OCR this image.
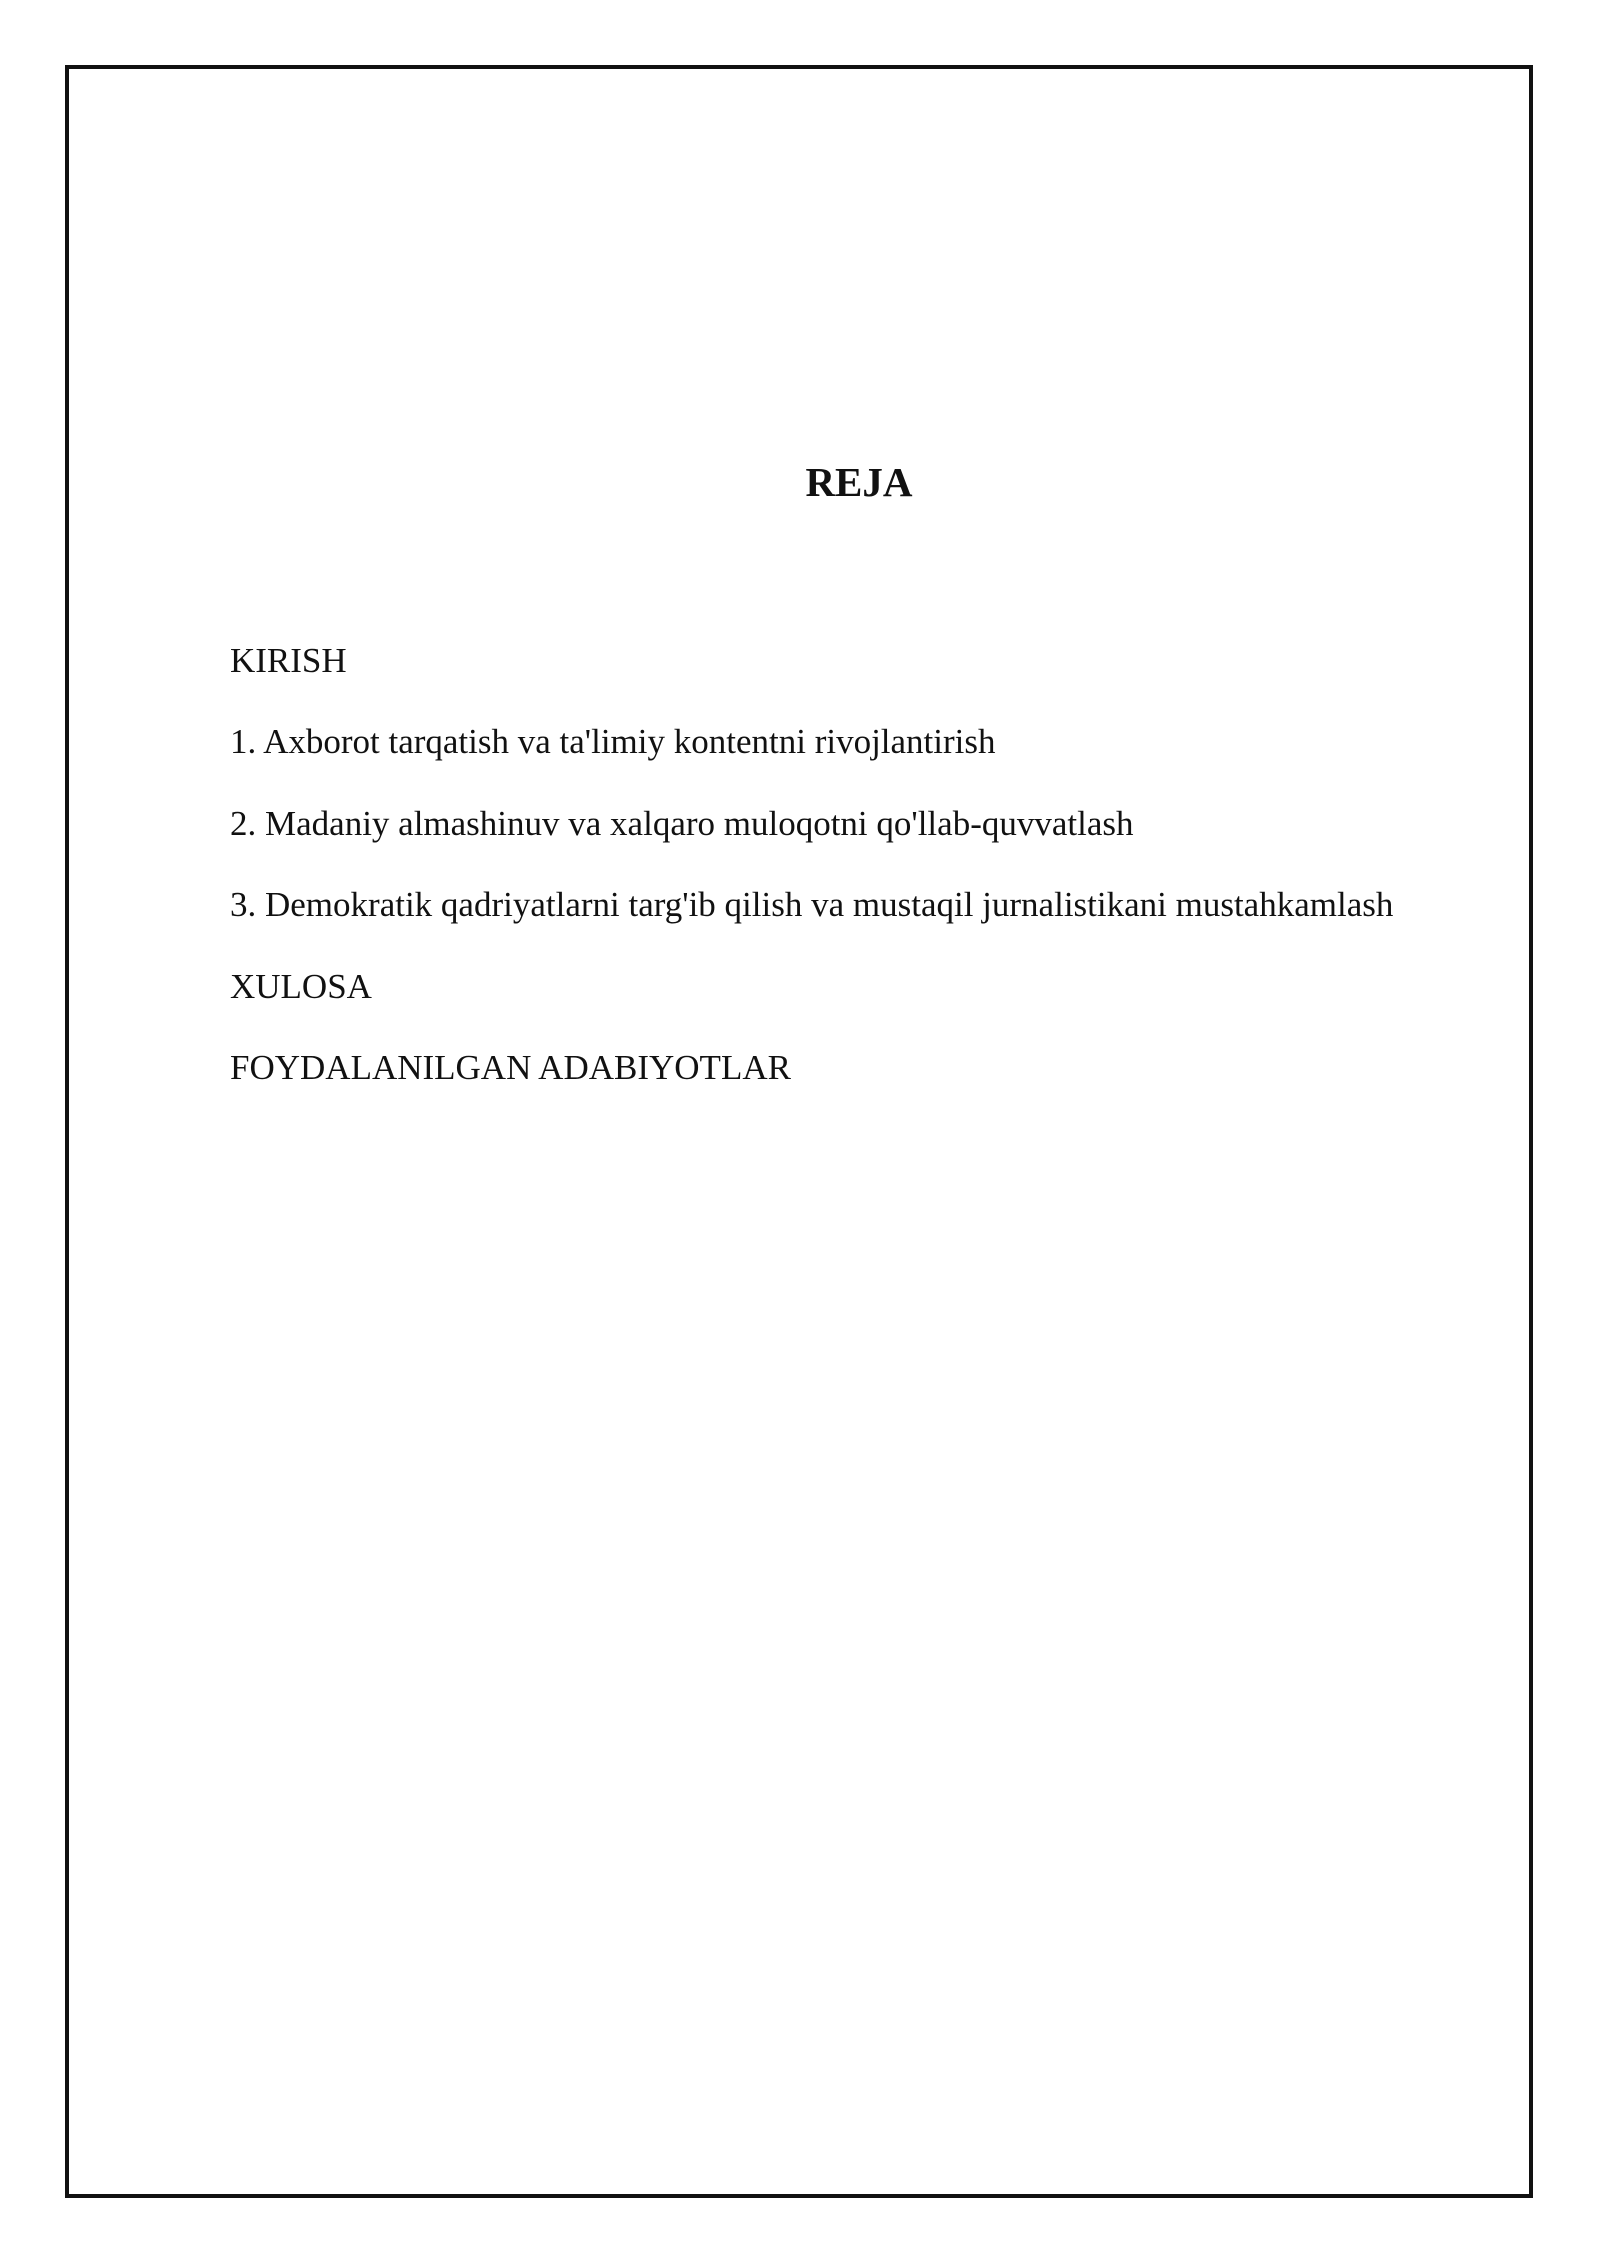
REJA
KIRISH
1. Axborot tarqatish va ta'limiy kontentni rivojlantirish
2. Madaniy almashinuv va xalqaro muloqotni qo'llab-quvvatlash
3. Demokratik qadriyatlarni targ'ib qilish va mustaqil jurnalistikani mustahkamlash
XULOSA
FOYDALANILGAN ADABIYOTLAR
